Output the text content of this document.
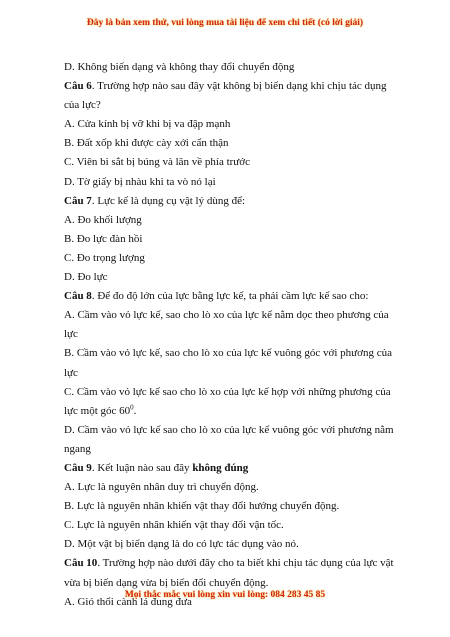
Đây là bản xem thử, vui lòng mua tài liệu để xem chi tiết (có lời giải)
D. Không biến dạng và không thay đổi chuyển động
Câu 6. Trường hợp nào sau đây vật không bị biến dạng khi chịu tác dụng của lực?
A. Cửa kính bị vỡ khi bị va đập mạnh
B. Đất xốp khi được cày xới cẩn thận
C. Viên bi sắt bị búng và lăn về phía trước
D. Tờ giấy bị nhàu khi ta vò nó lại
Câu 7. Lực kế là dụng cụ vật lý dùng để:
A. Đo khối lượng
B. Đo lực đàn hồi
C. Đo trọng lượng
D. Đo lực
Câu 8. Để đo độ lớn của lực bằng lực kế, ta phải cầm lực kế sao cho:
A. Cầm vào vỏ lực kế, sao cho lò xo của lực kế nằm dọc theo phương của lực
B. Cầm vào vỏ lực kế, sao cho lò xo của lực kế vuông góc với phương của lực
C. Cầm vào vỏ lực kế sao cho lò xo của lực kế hợp với những phương của lực một góc $60^0$.
D. Cầm vào vỏ lực kế sao cho lò xo của lực kế vuông góc với phương nằm ngang
Câu 9. Kết luận nào sau đây không đúng
A. Lực là nguyên nhân duy trì chuyển động.
B. Lực là nguyên nhân khiến vật thay đổi hướng chuyển động.
C. Lực là nguyên nhân khiến vật thay đổi vận tốc.
D. Một vật bị biến dạng là do có lực tác dụng vào nó.
Câu 10. Trường hợp nào dưới đây cho ta biết khi chịu tác dụng của lực vật vừa bị biến dạng vừa bị biến đổi chuyển động.
A. Gió thổi cành lá đung đưa
Mọi thắc mắc vui lòng xin vui lòng: 084 283 45 85
